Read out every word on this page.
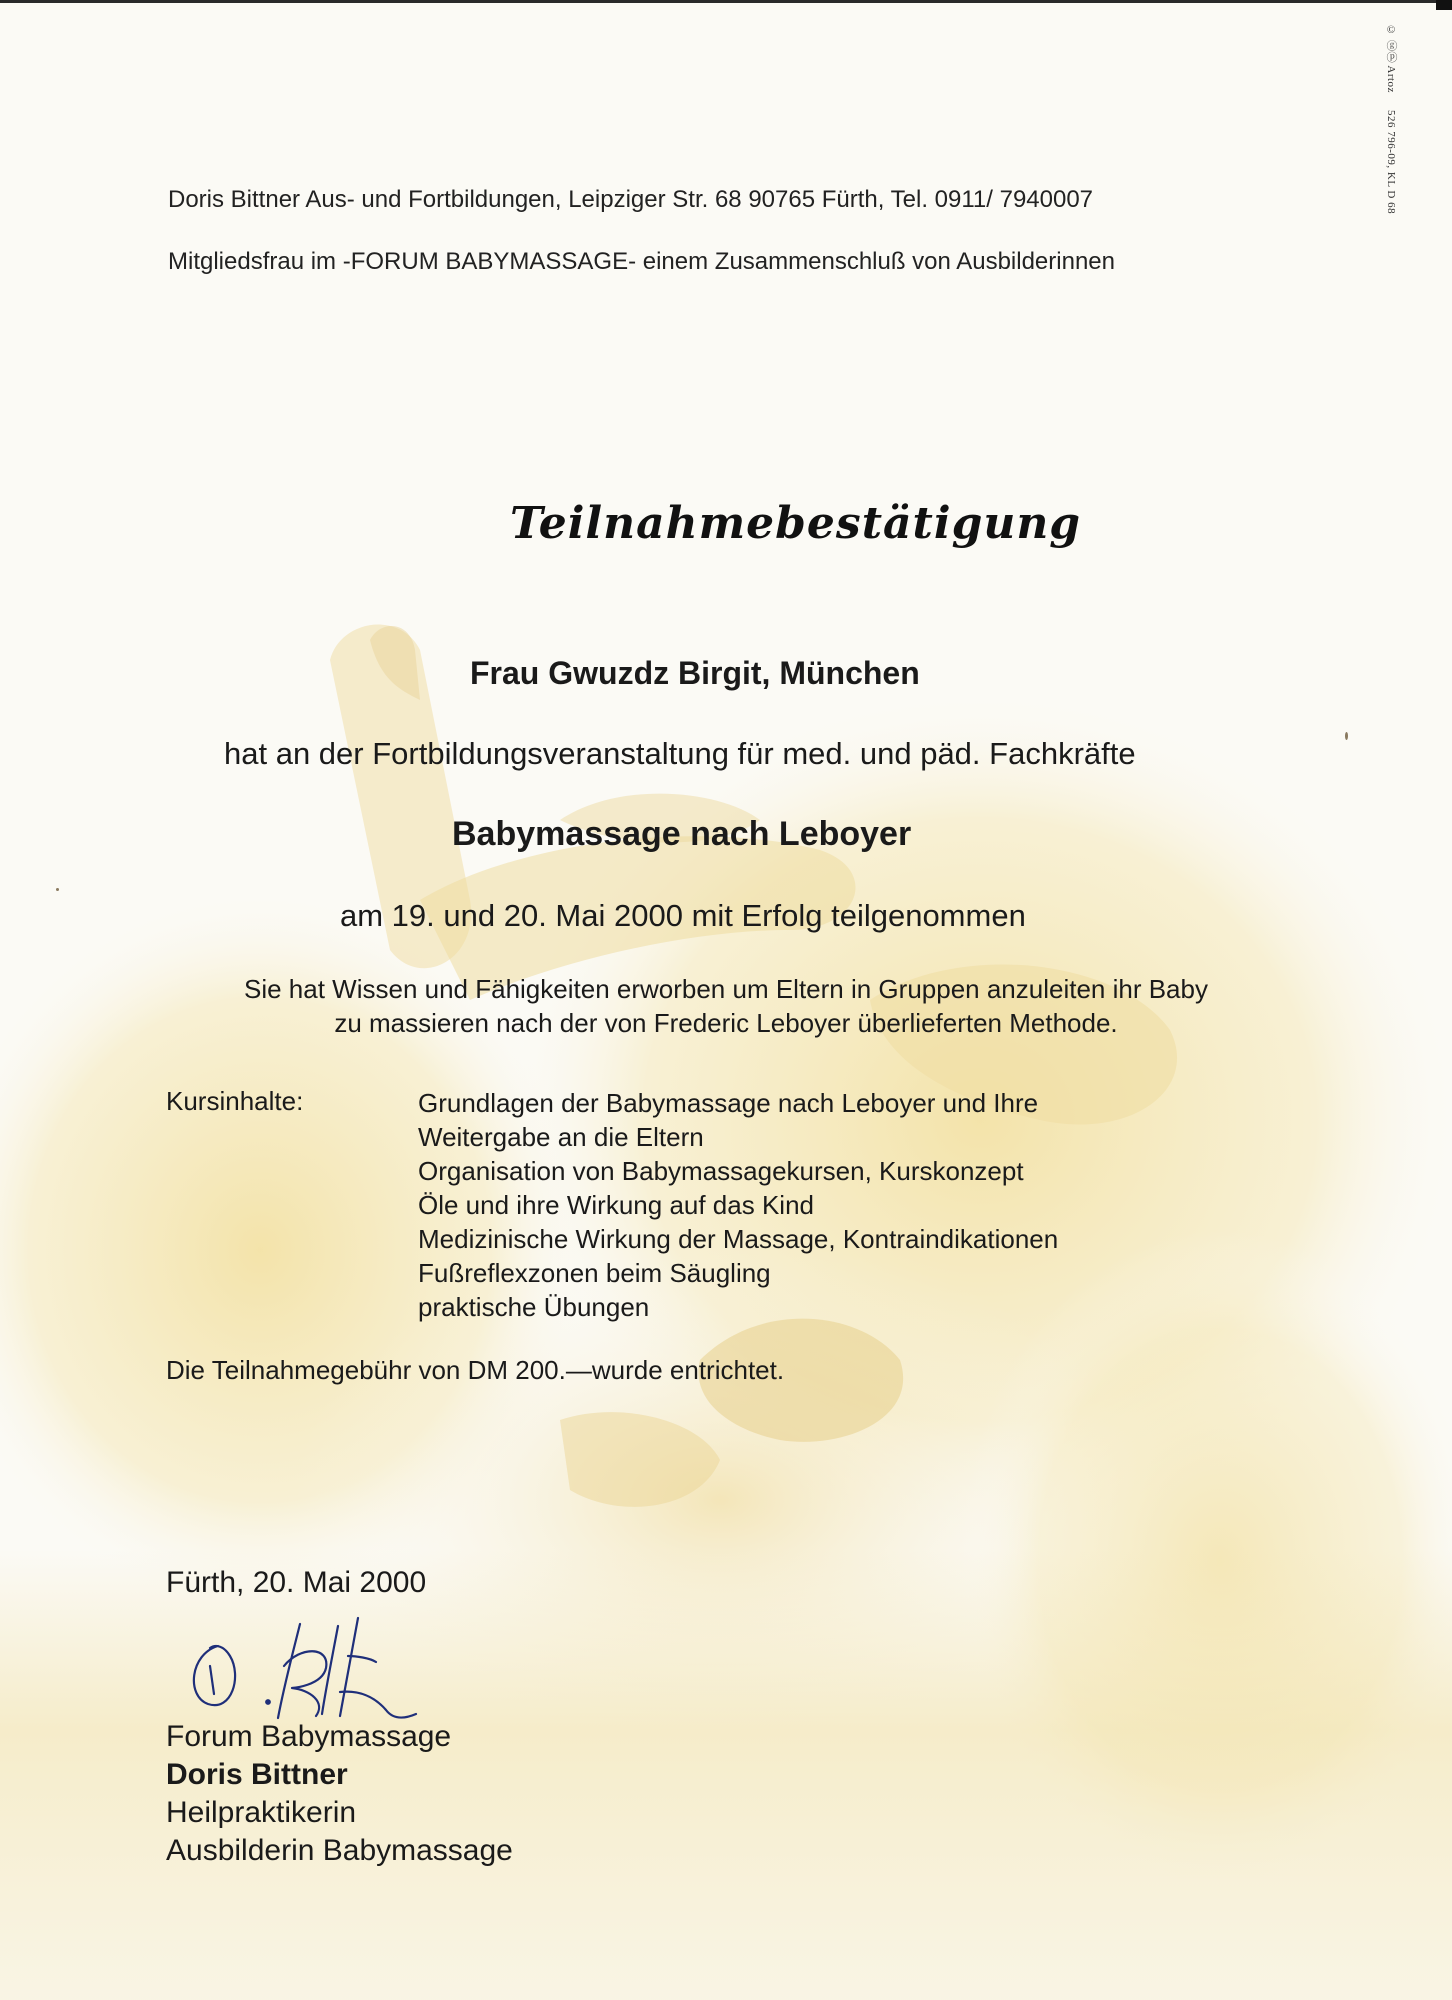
© ⓖⓟ Artoz 526 796-09, KL D 68
Doris Bittner Aus- und Fortbildungen, Leipziger Str. 68 90765 Fürth, Tel. 0911/ 7940007
Mitgliedsfrau im -FORUM BABYMASSAGE- einem Zusammenschluß von Ausbilderinnen
Teilnahmebestätigung
Frau Gwuzdz Birgit, München
hat an der Fortbildungsveranstaltung für med. und päd. Fachkräfte
Babymassage nach Leboyer
am 19. und 20. Mai 2000 mit Erfolg teilgenommen
Sie hat Wissen und Fähigkeiten erworben um Eltern in Gruppen anzuleiten ihr Baby
zu massieren nach der von Frederic Leboyer überlieferten Methode.
Kursinhalte:	Grundlagen der Babymassage nach Leboyer und Ihre
Weitergabe an die Eltern
Organisation von Babymassagekursen, Kurskonzept
Öle und ihre Wirkung auf das Kind
Medizinische Wirkung der Massage, Kontraindikationen
Fußreflexzonen beim Säugling
praktische Übungen
Die Teilnahmegebühr von DM 200.—wurde entrichtet.
Fürth, 20. Mai 2000
Forum Babymassage
Doris Bittner
Heilpraktikerin
Ausbilderin Babymassage
